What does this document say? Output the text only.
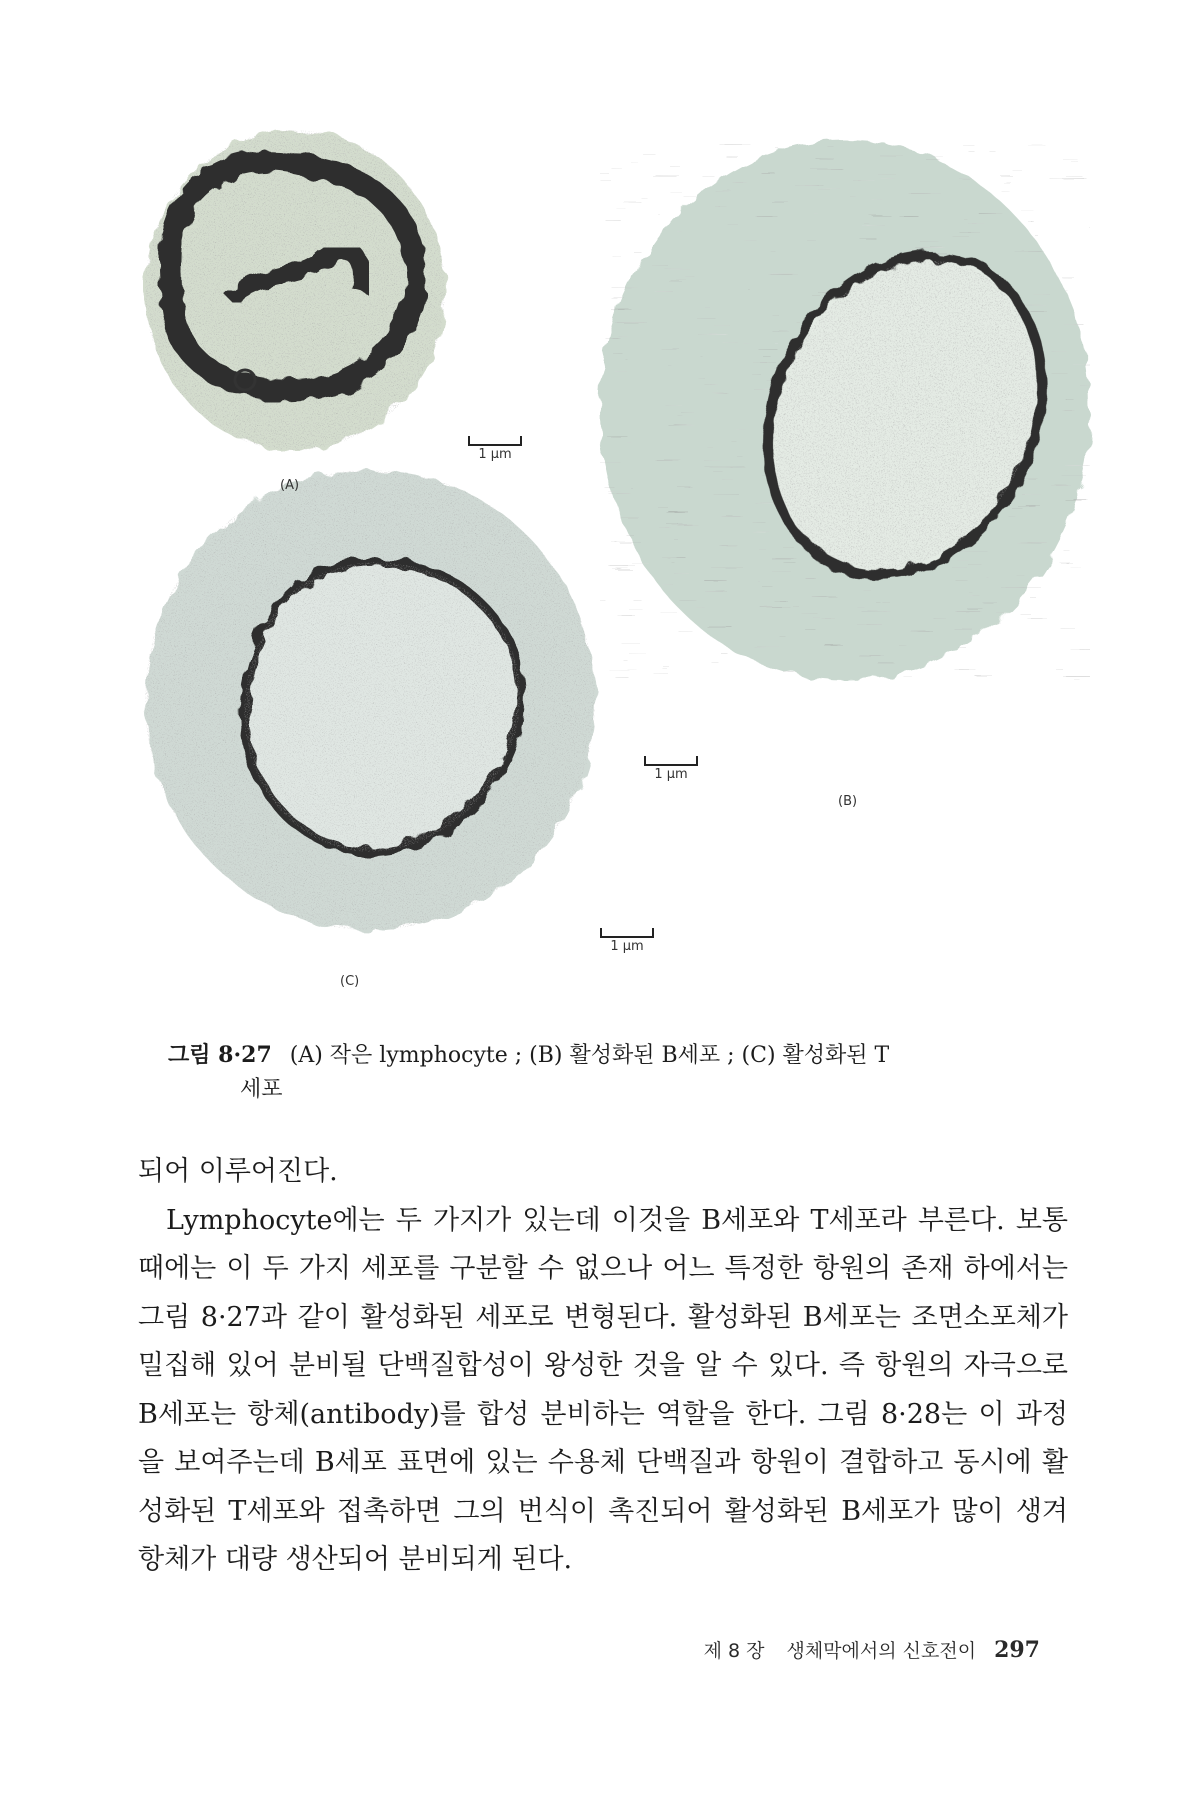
1 μm
(A)
1 μm
(B)
1 μm
(C)
그림 8·27 (A) 작은 lymphocyte ; (B) 활성화된 B세포 ; (C) 활성화된 T
세포

되어 이루어진다.

Lymphocyte에는 두 가지가 있는데 이것을 B세포와 T세포라 부른다. 보통때에는 이 두 가지 세포를 구분할 수 없으나 어느 특정한 항원의 존재 하에서는 그림 8·27과 같이 활성화된 세포로 변형된다. 활성화된 B세포는 조면소포체가 밀집해 있어 분비될 단백질합성이 왕성한 것을 알 수 있다. 즉 항원의 자극으로 B세포는 항체(antibody)를 합성 분비하는 역할을 한다. 그림 8·28는 이 과정을 보여주는데 B세포 표면에 있는 수용체 단백질과 항원이 결합하고 동시에 활성화된 T세포와 접촉하면 그의 번식이 촉진되어 활성화된 B세포가 많이 생겨 항체가 대량 생산되어 분비되게 된다.

제 8 장 생체막에서의 신호전이 297
